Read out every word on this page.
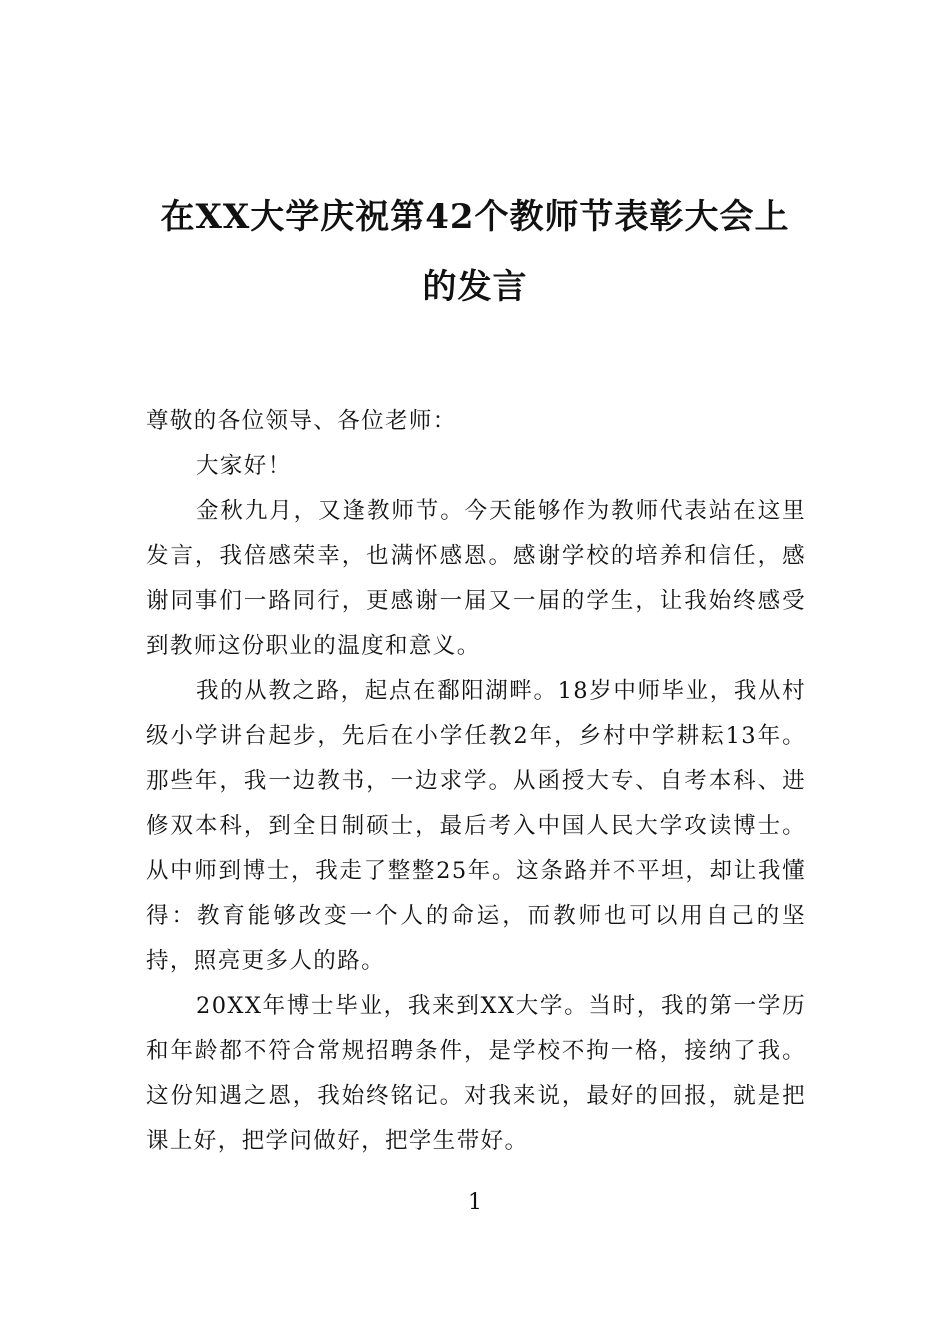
在XX大学庆祝第42个教师节表彰大会上
的发言

尊敬的各位领导、各位老师：

大家好！

金秋九月，又逢教师节。今天能够作为教师代表站在这里发言，我倍感荣幸，也满怀感恩。感谢学校的培养和信任，感谢同事们一路同行，更感谢一届又一届的学生，让我始终感受到教师这份职业的温度和意义。

我的从教之路，起点在鄱阳湖畔。18岁中师毕业，我从村级小学讲台起步，先后在小学任教2年，乡村中学耕耘13年。那些年，我一边教书，一边求学。从函授大专、自考本科、进修双本科，到全日制硕士，最后考入中国人民大学攻读博士。从中师到博士，我走了整整25年。这条路并不平坦，却让我懂得：教育能够改变一个人的命运，而教师也可以用自己的坚持，照亮更多人的路。

20XX年博士毕业，我来到XX大学。当时，我的第一学历和年龄都不符合常规招聘条件，是学校不拘一格，接纳了我。这份知遇之恩，我始终铭记。对我来说，最好的回报，就是把课上好，把学问做好，把学生带好。

1
